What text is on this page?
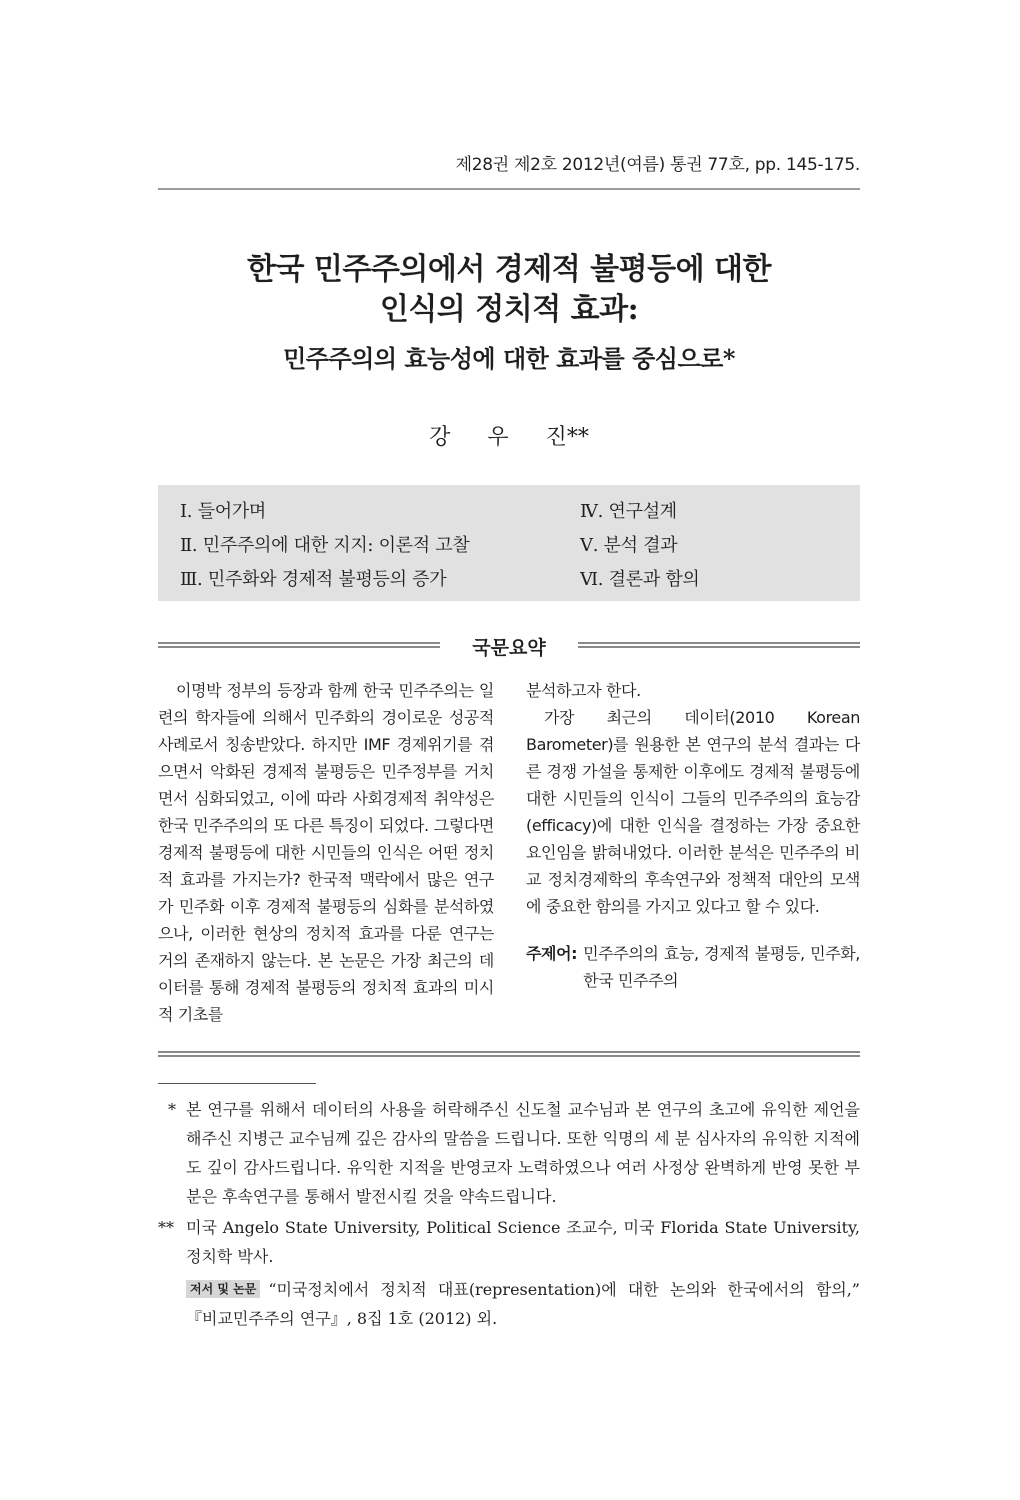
제28권 제2호 2012년(여름) 통권 77호, pp. 145-175.
한국 민주주의에서 경제적 불평등에 대한
인식의 정치적 효과:
민주주의의 효능성에 대한 효과를 중심으로*
강 우 진**
Ⅰ. 들어가며
Ⅱ. 민주주의에 대한 지지: 이론적 고찰
Ⅲ. 민주화와 경제적 불평등의 증가
Ⅳ. 연구설계
Ⅴ. 분석 결과
Ⅵ. 결론과 함의
국문요약

이명박 정부의 등장과 함께 한국 민주주의는 일련의 학자들에 의해서 민주화의 경이로운 성공적 사례로서 칭송받았다. 하지만 IMF 경제위기를 겪으면서 악화된 경제적 불평등은 민주정부를 거치면서 심화되었고, 이에 따라 사회경제적 취약성은 한국 민주주의의 또 다른 특징이 되었다. 그렇다면 경제적 불평등에 대한 시민들의 인식은 어떤 정치적 효과를 가지는가? 한국적 맥락에서 많은 연구가 민주화 이후 경제적 불평등의 심화를 분석하였으나, 이러한 현상의 정치적 효과를 다룬 연구는 거의 존재하지 않는다. 본 논문은 가장 최근의 데이터를 통해 경제적 불평등의 정치적 효과의 미시적 기초를

분석하고자 한다.

가장 최근의 데이터(2010 Korean Barometer)를 원용한 본 연구의 분석 결과는 다른 경쟁 가설을 통제한 이후에도 경제적 불평등에 대한 시민들의 인식이 그들의 민주주의의 효능감(efficacy)에 대한 인식을 결정하는 가장 중요한 요인임을 밝혀내었다. 이러한 분석은 민주주의 비교 정치경제학의 후속연구와 정책적 대안의 모색에 중요한 함의를 가지고 있다고 할 수 있다.

주제어: 민주주의의 효능, 경제적 불평등, 민주화, 한국 민주주의

* 본 연구를 위해서 데이터의 사용을 허락해주신 신도철 교수님과 본 연구의 초고에 유익한 제언을 해주신 지병근 교수님께 깊은 감사의 말씀을 드립니다. 또한 익명의 세 분 심사자의 유익한 지적에도 깊이 감사드립니다. 유익한 지적을 반영코자 노력하였으나 여러 사정상 완벽하게 반영 못한 부분은 후속연구를 통해서 발전시킬 것을 약속드립니다.
** 미국 Angelo State University, Political Science 조교수, 미국 Florida State University, 정치학 박사.
저서 및 논문 “미국정치에서 정치적 대표(representation)에 대한 논의와 한국에서의 함의,” 『비교민주주의 연구』, 8집 1호 (2012) 외.
